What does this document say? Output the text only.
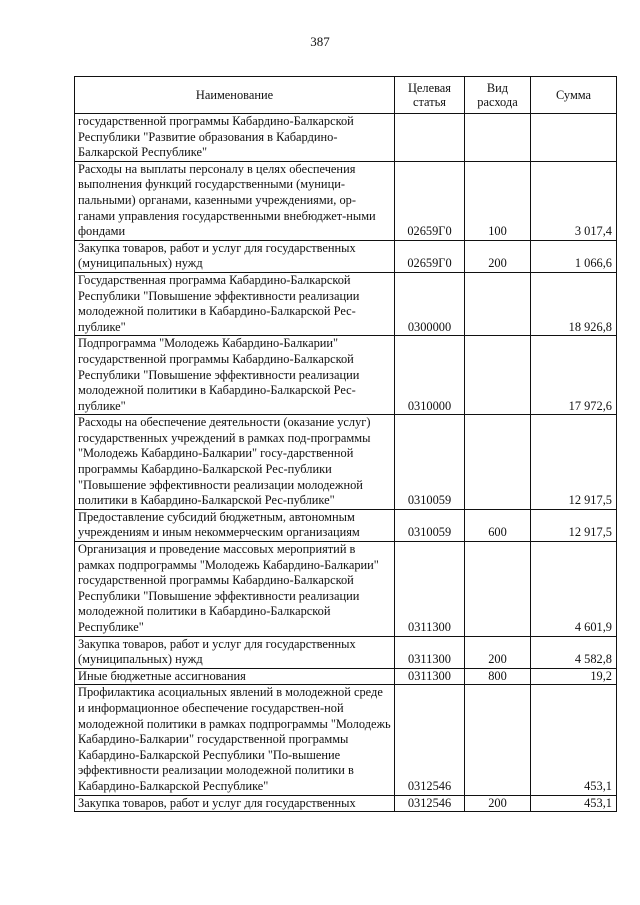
387
Наименование	Целевая статья	Вид расхода	Сумма
государственной программы Кабардино-Балкарской Республики "Развитие образования в Кабардино-Балкарской Республике"			
Расходы на выплаты персоналу в целях обеспечения выполнения функций государственными (муници-пальными) органами, казенными учреждениями, ор-ганами управления государственными внебюджет-ными фондами	02659Г0	100	3 017,4
Закупка товаров, работ и услуг для государственных (муниципальных) нужд	02659Г0	200	1 066,6
Государственная программа Кабардино-Балкарской Республики "Повышение эффективности реализации молодежной политики в Кабардино-Балкарской Рес-публике"	0300000		18 926,8
Подпрограмма "Молодежь Кабардино-Балкарии" государственной программы Кабардино-Балкарской Республики "Повышение эффективности реализации молодежной политики в Кабардино-Балкарской Рес-публике"	0310000		17 972,6
Расходы на обеспечение деятельности (оказание услуг) государственных учреждений в рамках под-программы "Молодежь Кабардино-Балкарии" госу-дарственной программы Кабардино-Балкарской Рес-публики "Повышение эффективности реализации молодежной политики в Кабардино-Балкарской Рес-публике"	0310059		12 917,5
Предоставление субсидий бюджетным, автономным учреждениям и иным некоммерческим организациям	0310059	600	12 917,5
Организация и проведение массовых мероприятий в рамках подпрограммы "Молодежь Кабардино-Балкарии" государственной программы Кабардино-Балкарской Республики "Повышение эффективности реализации молодежной политики в Кабардино-Балкарской Республике"	0311300		4 601,9
Закупка товаров, работ и услуг для государственных (муниципальных) нужд	0311300	200	4 582,8
Иные бюджетные ассигнования	0311300	800	19,2
Профилактика асоциальных явлений в молодежной среде и информационное обеспечение государствен-ной молодежной политики в рамках подпрограммы "Молодежь Кабардино-Балкарии" государственной программы Кабардино-Балкарской Республики "По-вышение эффективности реализации молодежной политики в Кабардино-Балкарской Республике"	0312546		453,1
Закупка товаров, работ и услуг для государственных	0312546	200	453,1
